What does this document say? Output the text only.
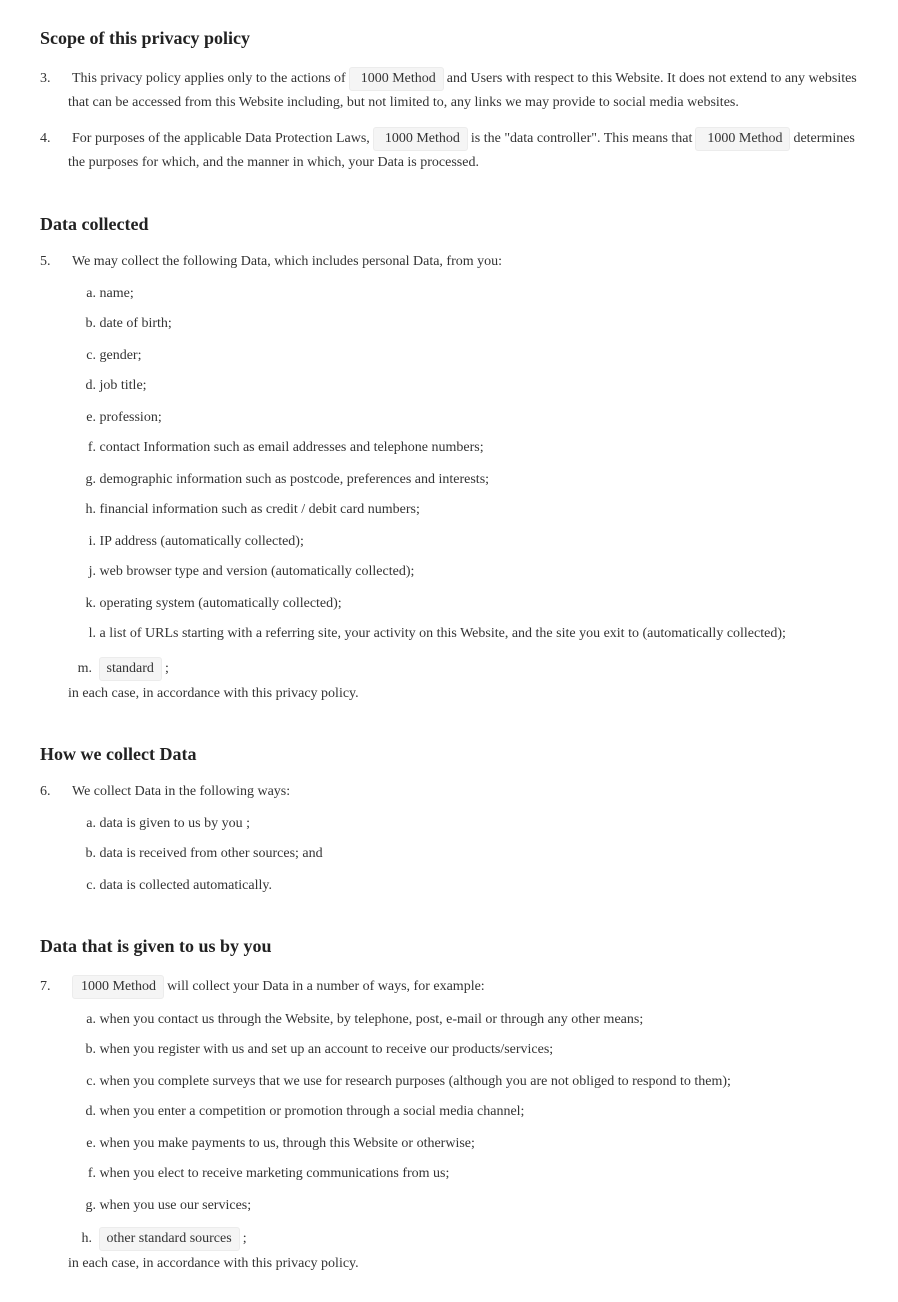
Scope of this privacy policy
3.	This privacy policy applies only to the actions of 1000 Method and Users with respect to this Website. It does not extend to any websites that can be accessed from this Website including, but not limited to, any links we may provide to social media websites.
4.	For purposes of the applicable Data Protection Laws, 1000 Method is the "data controller". This means that 1000 Method determines the purposes for which, and the manner in which, your Data is processed.
Data collected
5.	We may collect the following Data, which includes personal Data, from you:
a. name;
b. date of birth;
c. gender;
d. job title;
e. profession;
f. contact Information such as email addresses and telephone numbers;
g. demographic information such as postcode, preferences and interests;
h. financial information such as credit / debit card numbers;
i. IP address (automatically collected);
j. web browser type and version (automatically collected);
k. operating system (automatically collected);
l. a list of URLs starting with a referring site, your activity on this Website, and the site you exit to (automatically collected);
m. standard ;
in each case, in accordance with this privacy policy.
How we collect Data
6.	We collect Data in the following ways:
a. data is given to us by you ;
b. data is received from other sources; and
c. data is collected automatically.
Data that is given to us by you
7.	1000 Method will collect your Data in a number of ways, for example:
a. when you contact us through the Website, by telephone, post, e-mail or through any other means;
b. when you register with us and set up an account to receive our products/services;
c. when you complete surveys that we use for research purposes (although you are not obliged to respond to them);
d. when you enter a competition or promotion through a social media channel;
e. when you make payments to us, through this Website or otherwise;
f. when you elect to receive marketing communications from us;
g. when you use our services;
h. other standard sources ;
in each case, in accordance with this privacy policy.
